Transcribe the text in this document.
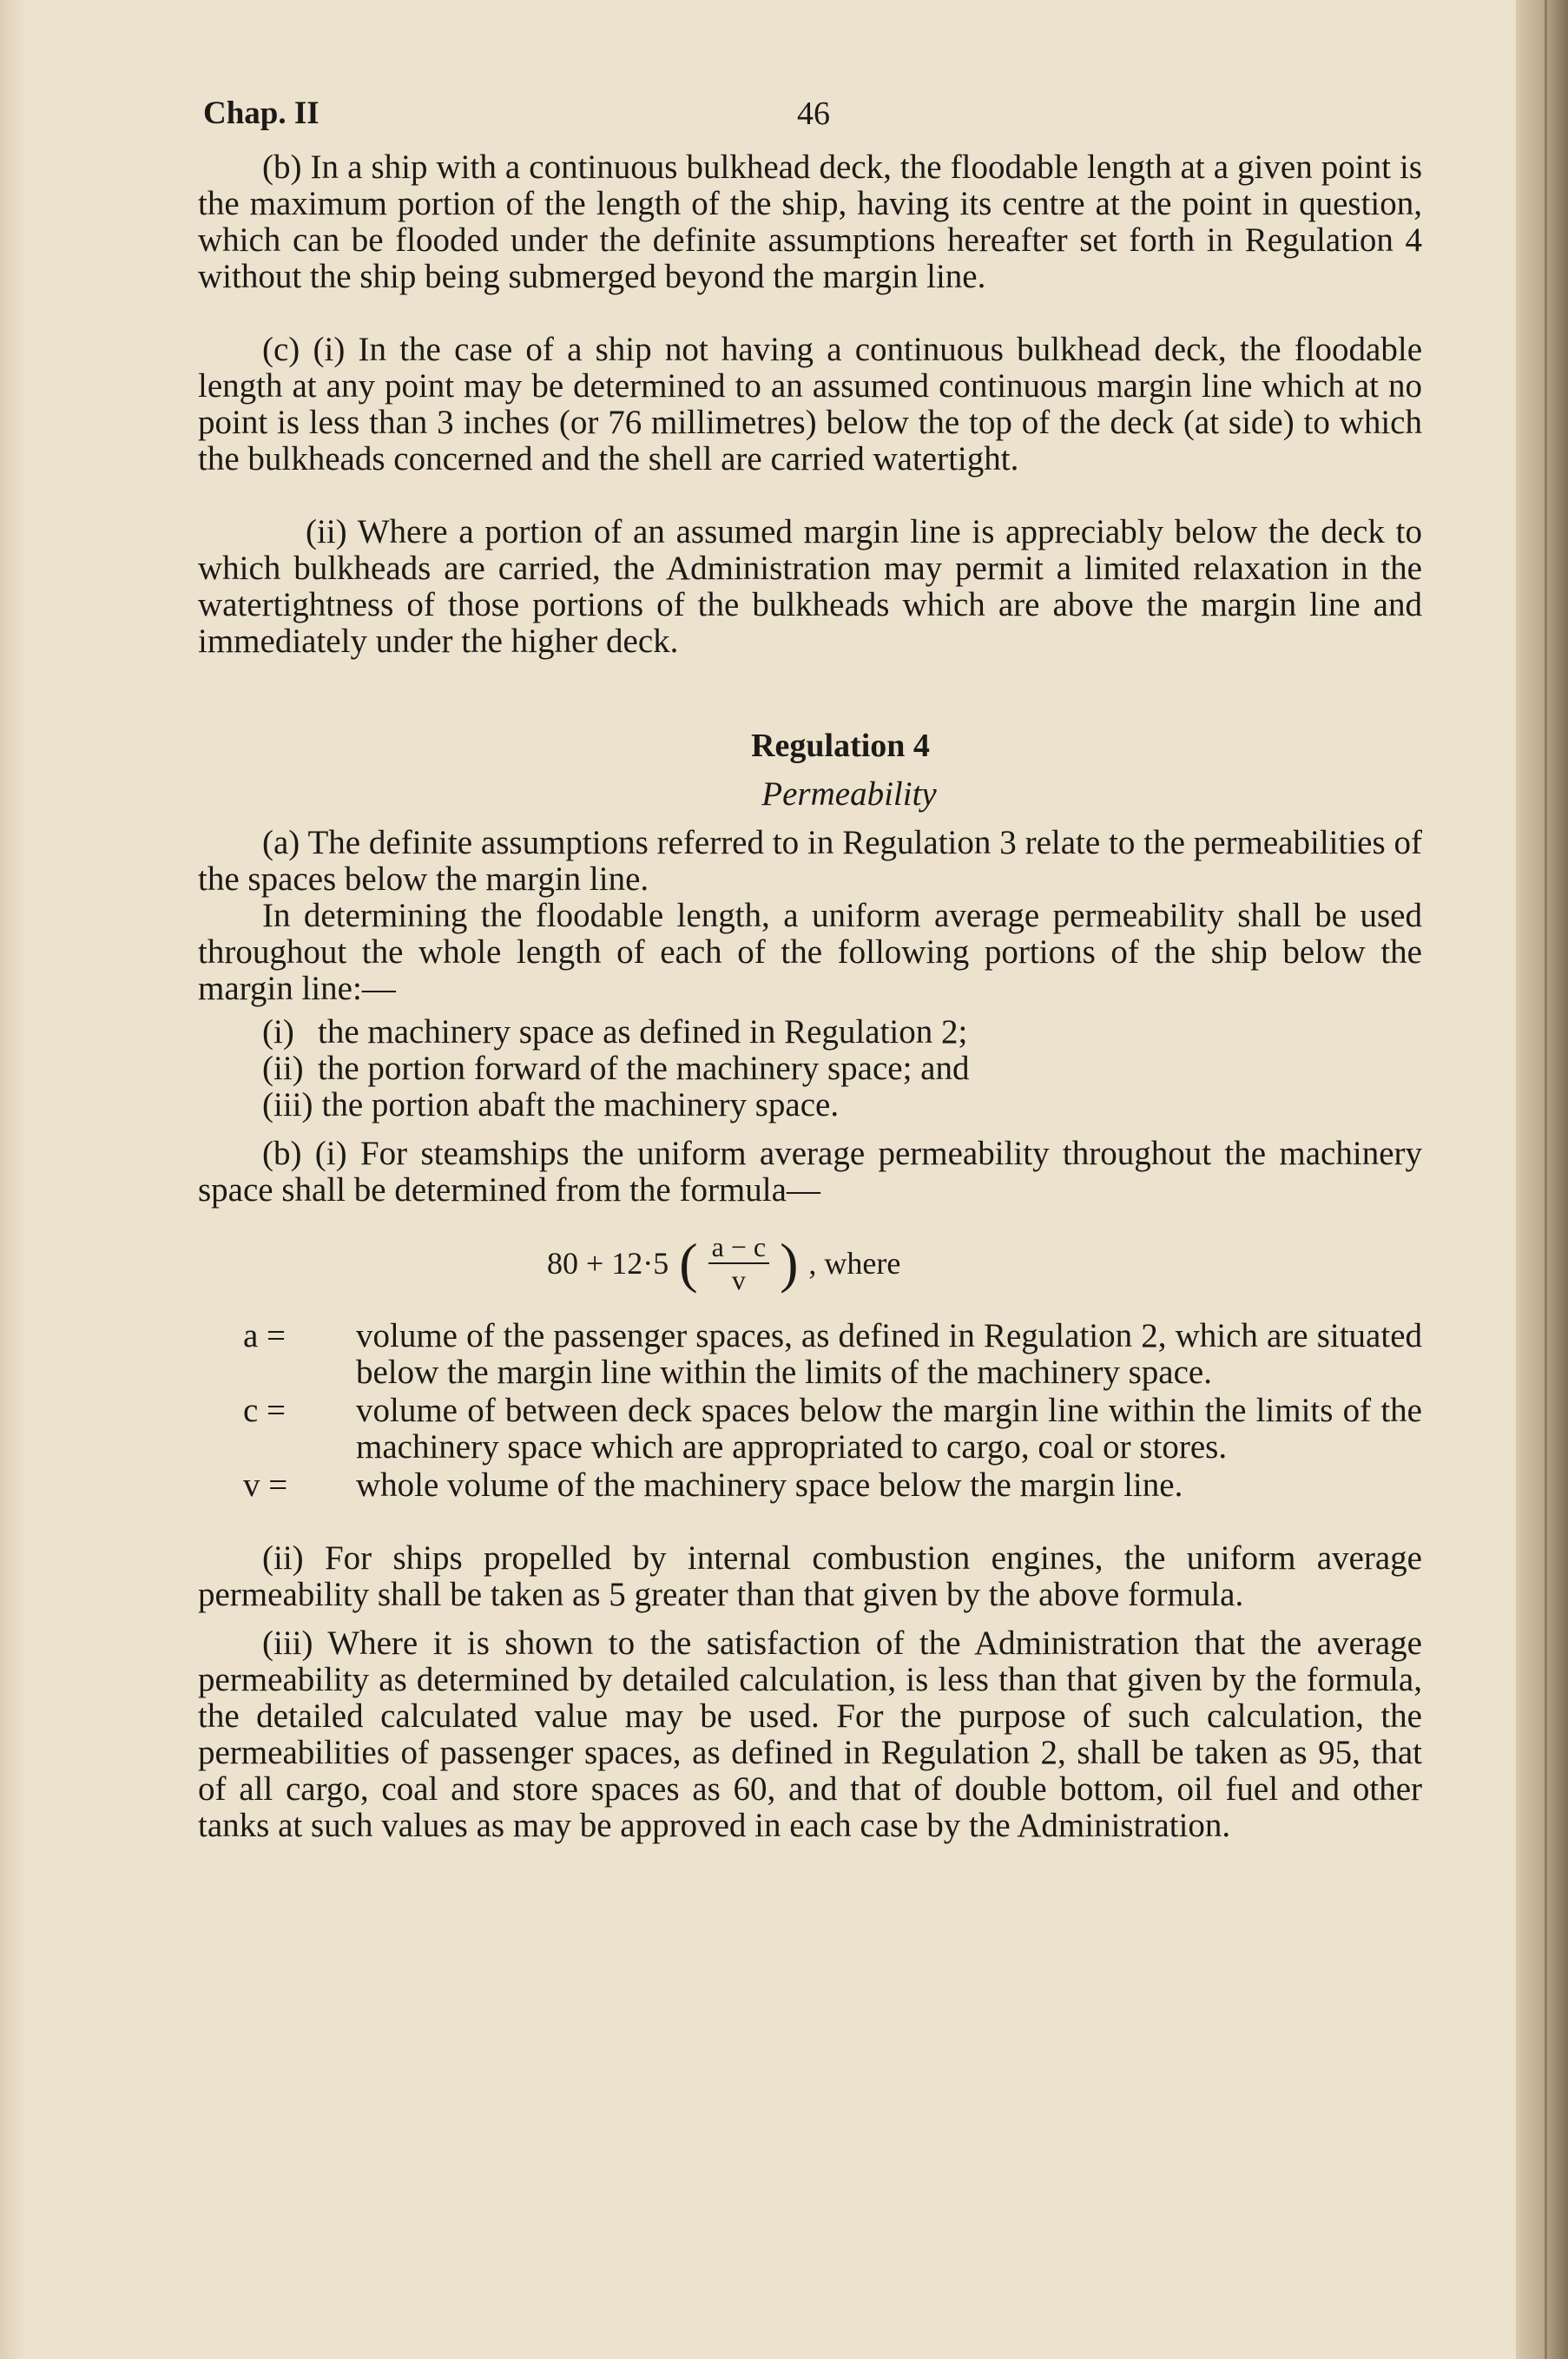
Chap. II	46

(b) In a ship with a continuous bulkhead deck, the floodable length at a given point is the maximum portion of the length of the ship, having its centre at the point in question, which can be flooded under the definite assumptions hereafter set forth in Regulation 4 without the ship being submerged beyond the margin line.

(c) (i) In the case of a ship not having a continuous bulkhead deck, the floodable length at any point may be determined to an assumed continuous margin line which at no point is less than 3 inches (or 76 millimetres) below the top of the deck (at side) to which the bulkheads concerned and the shell are carried watertight.

(ii) Where a portion of an assumed margin line is appreciably below the deck to which bulkheads are carried, the Administration may permit a limited relaxation in the watertightness of those portions of the bulkheads which are above the margin line and immediately under the higher deck.

Regulation 4
Permeability

(a) The definite assumptions referred to in Regulation 3 relate to the permeabilities of the spaces below the margin line.

In determining the floodable length, a uniform average permeability shall be used throughout the whole length of each of the following portions of the ship below the margin line:—

(i) the machinery space as defined in Regulation 2;
(ii) the portion forward of the machinery space; and
(iii) the portion abaft the machinery space.

(b) (i) For steamships the uniform average permeability throughout the machinery space shall be determined from the formula—

80 + 12·5 ( $\frac{a - c}{v}$ ) , where
a =	volume of the passenger spaces, as defined in Regulation 2, which are situated below the margin line within the limits of the machinery space.
c =	volume of between deck spaces below the margin line within the limits of the machinery space which are appropriated to cargo, coal or stores.
v =	whole volume of the machinery space below the margin line.

(ii) For ships propelled by internal combustion engines, the uniform average permeability shall be taken as 5 greater than that given by the above formula.

(iii) Where it is shown to the satisfaction of the Administration that the average permeability as determined by detailed calculation, is less than that given by the formula, the detailed calculated value may be used. For the purpose of such calculation, the permeabilities of passenger spaces, as defined in Regulation 2, shall be taken as 95, that of all cargo, coal and store spaces as 60, and that of double bottom, oil fuel and other tanks at such values as may be approved in each case by the Administration.
